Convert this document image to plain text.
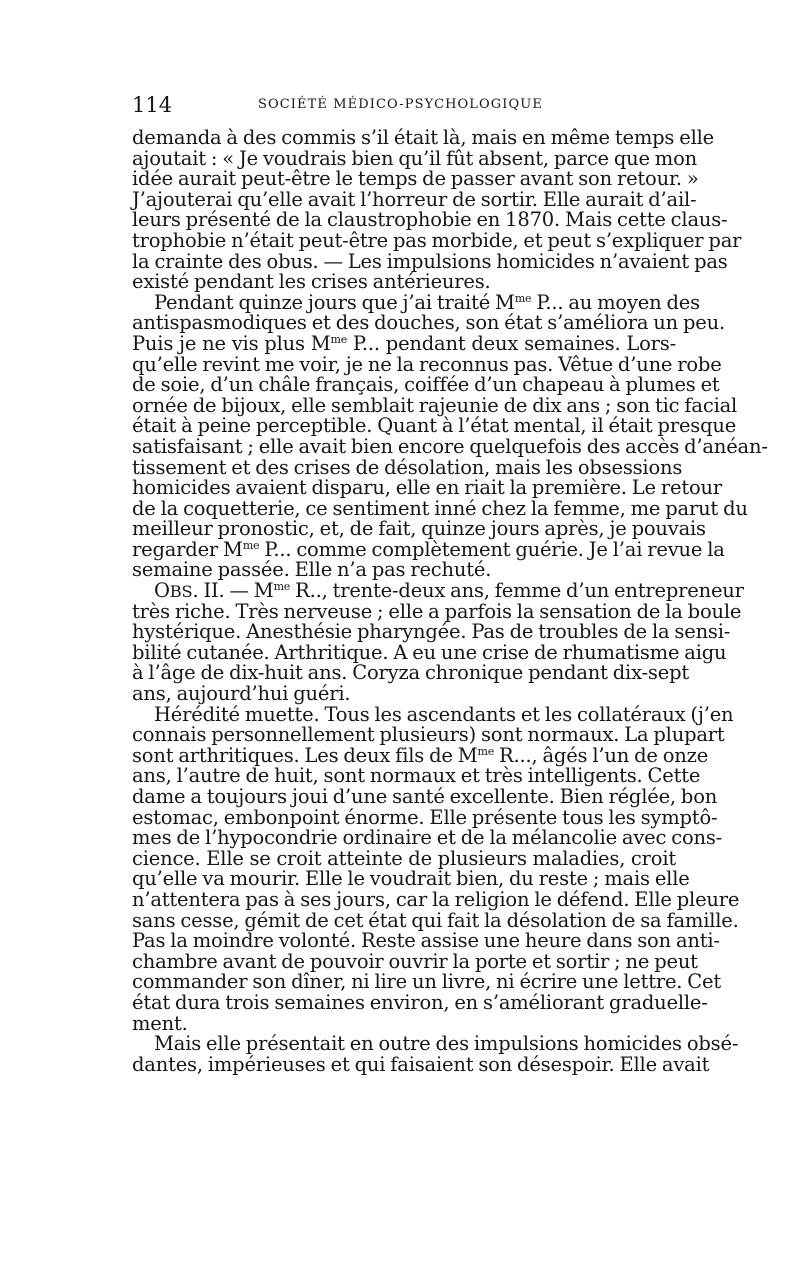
114	SOCIÉTÉ MÉDICO-PSYCHOLOGIQUE
demanda à des commis s’il était là, mais en même temps elle
ajoutait : « Je voudrais bien qu’il fût absent, parce que mon
idée aurait peut-être le temps de passer avant son retour. »
J’ajouterai qu’elle avait l’horreur de sortir. Elle aurait d’ail-
leurs présenté de la claustrophobie en 1870. Mais cette claus-
trophobie n’était peut-être pas morbide, et peut s’expliquer par
la crainte des obus. — Les impulsions homicides n’avaient pas
existé pendant les crises antérieures.
Pendant quinze jours que j’ai traité $M^{me}$ P... au moyen des
antispasmodiques et des douches, son état s’améliora un peu.
Puis je ne vis plus $M^{me}$ P... pendant deux semaines. Lors-
qu’elle revint me voir, je ne la reconnus pas. Vêtue d’une robe
de soie, d’un châle français, coiffée d’un chapeau à plumes et
ornée de bijoux, elle semblait rajeunie de dix ans ; son tic facial
était à peine perceptible. Quant à l’état mental, il était presque
satisfaisant ; elle avait bien encore quelquefois des accès d’anéan-
tissement et des crises de désolation, mais les obsessions
homicides avaient disparu, elle en riait la première. Le retour
de la coquetterie, ce sentiment inné chez la femme, me parut du
meilleur pronostic, et, de fait, quinze jours après, je pouvais
regarder $M^{me}$ P... comme complètement guérie. Je l’ai revue la
semaine passée. Elle n’a pas rechuté.
OBS. II. — $M^{me}$ R.., trente-deux ans, femme d’un entrepreneur
très riche. Très nerveuse ; elle a parfois la sensation de la boule
hystérique. Anesthésie pharyngée. Pas de troubles de la sensi-
bilité cutanée. Arthritique. A eu une crise de rhumatisme aigu
à l’âge de dix-huit ans. Coryza chronique pendant dix-sept
ans, aujourd’hui guéri.
Hérédité muette. Tous les ascendants et les collatéraux (j’en
connais personnellement plusieurs) sont normaux. La plupart
sont arthritiques. Les deux fils de $M^{me}$ R..., âgés l’un de onze
ans, l’autre de huit, sont normaux et très intelligents. Cette
dame a toujours joui d’une santé excellente. Bien réglée, bon
estomac, embonpoint énorme. Elle présente tous les symptô-
mes de l’hypocondrie ordinaire et de la mélancolie avec cons-
cience. Elle se croit atteinte de plusieurs maladies, croit
qu’elle va mourir. Elle le voudrait bien, du reste ; mais elle
n’attentera pas à ses jours, car la religion le défend. Elle pleure
sans cesse, gémit de cet état qui fait la désolation de sa famille.
Pas la moindre volonté. Reste assise une heure dans son anti-
chambre avant de pouvoir ouvrir la porte et sortir ; ne peut
commander son dîner, ni lire un livre, ni écrire une lettre. Cet
état dura trois semaines environ, en s’améliorant graduelle-
ment.
Mais elle présentait en outre des impulsions homicides obsé-
dantes, impérieuses et qui faisaient son désespoir. Elle avait
